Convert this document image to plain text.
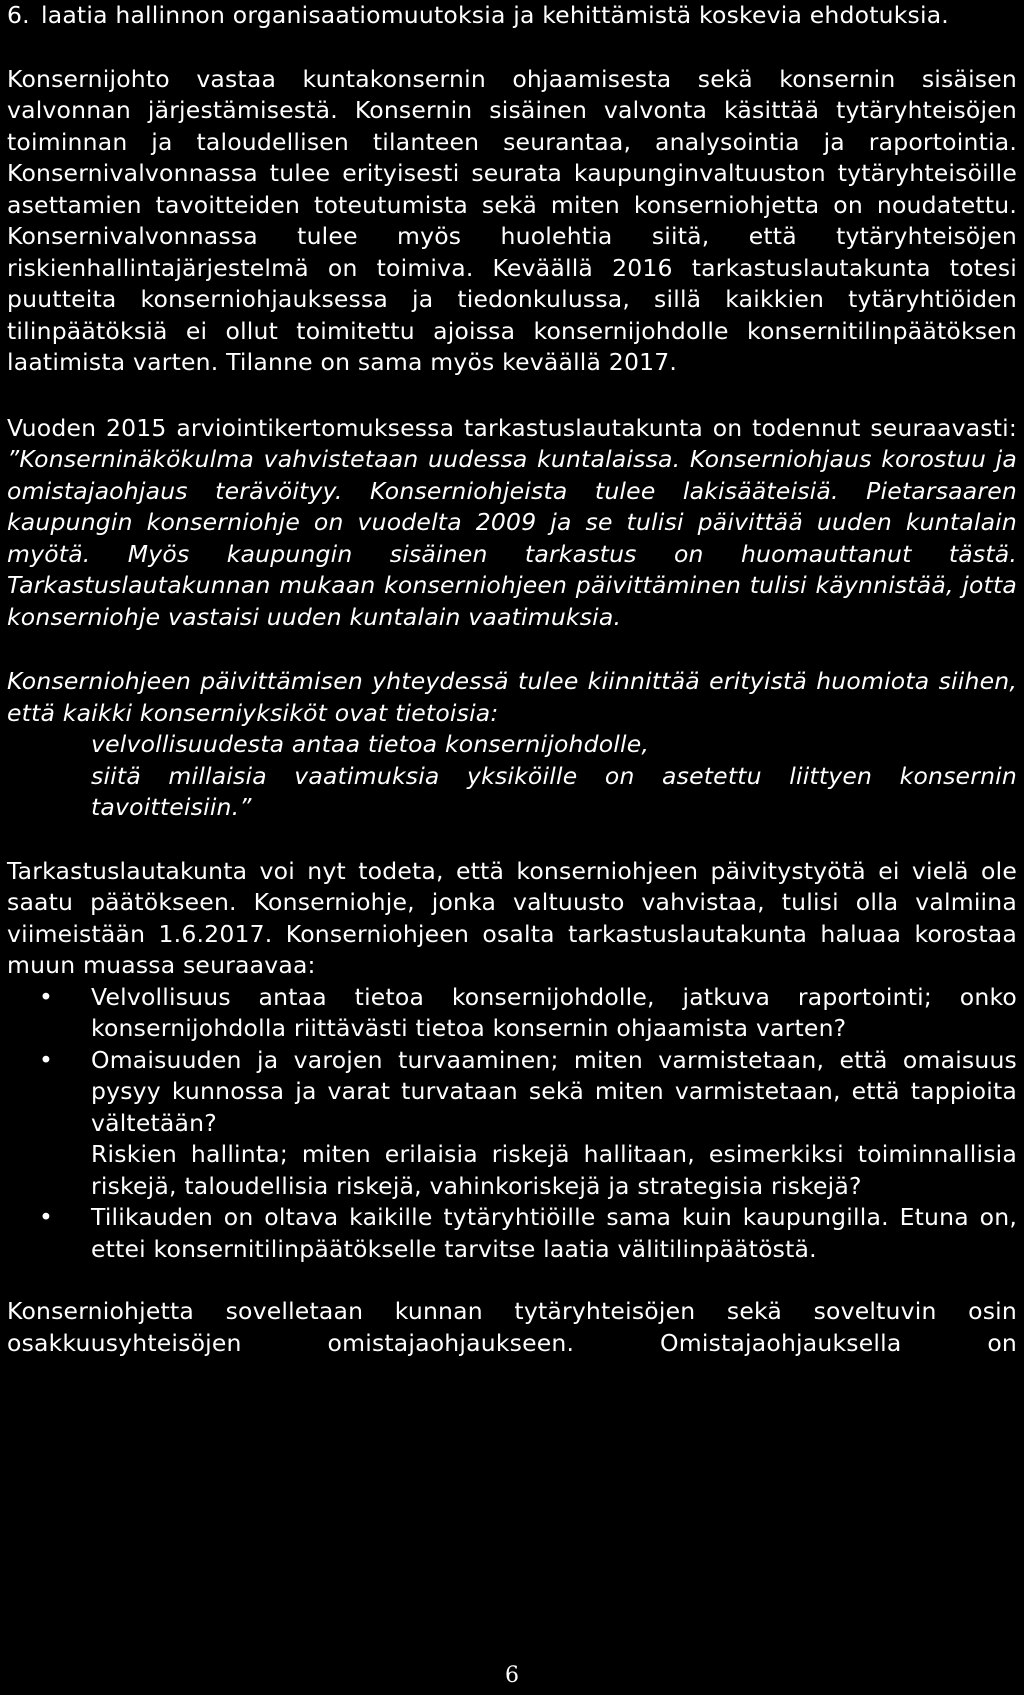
6. laatia hallinnon organisaatiomuutoksia ja kehittämistä koskevia ehdotuksia.

Konsernijohto vastaa kuntakonsernin ohjaamisesta sekä konsernin sisäisen valvonnan järjestämisestä. Konsernin sisäinen valvonta käsittää tytäryhteisöjen toiminnan ja taloudellisen tilanteen seurantaa, analysointia ja raportointia. Konsernivalvonnassa tulee erityisesti seurata kaupunginvaltuuston tytäryhteisöille asettamien tavoitteiden toteutumista sekä miten konserniohjetta on noudatettu. Konsernivalvonnassa tulee myös huolehtia siitä, että tytäryhteisöjen riskienhallintajärjestelmä on toimiva. Keväällä 2016 tarkastuslautakunta totesi puutteita konserniohjauksessa ja tiedonkulussa, sillä kaikkien tytäryhtiöiden tilinpäätöksiä ei ollut toimitettu ajoissa konsernijohdolle konsernitilinpäätöksen laatimista varten. Tilanne on sama myös keväällä 2017.

Vuoden 2015 arviointikertomuksessa tarkastuslautakunta on todennut seuraavasti: ”Konserninäkökulma vahvistetaan uudessa kuntalaissa. Konserniohjaus korostuu ja omistajaohjaus terävöityy. Konserniohjeista tulee lakisääteisiä. Pietarsaaren kaupungin konserniohje on vuodelta 2009 ja se tulisi päivittää uuden kuntalain myötä. Myös kaupungin sisäinen tarkastus on huomauttanut tästä. Tarkastuslautakunnan mukaan konserniohjeen päivittäminen tulisi käynnistää, jotta konserniohje vastaisi uuden kuntalain vaatimuksia.

Konserniohjeen päivittämisen yhteydessä tulee kiinnittää erityistä huomiota siihen, että kaikki konserniyksiköt ovat tietoisia:

velvollisuudesta antaa tietoa konsernijohdolle,

siitä millaisia vaatimuksia yksiköille on asetettu liittyen konsernin tavoitteisiin.”

Tarkastuslautakunta voi nyt todeta, että konserniohjeen päivitystyötä ei vielä ole saatu päätökseen. Konserniohje, jonka valtuusto vahvistaa, tulisi olla valmiina viimeistään 1.6.2017. Konserniohjeen osalta tarkastuslautakunta haluaa korostaa muun muassa seuraavaa:

•	Velvollisuus antaa tietoa konsernijohdolle, jatkuva raportointi; onko konsernijohdolla riittävästi tietoa konsernin ohjaamista varten?
•	Omaisuuden ja varojen turvaaminen; miten varmistetaan, että omaisuus pysyy kunnossa ja varat turvataan sekä miten varmistetaan, että tappioita vältetään?

Riskien hallinta; miten erilaisia riskejä hallitaan, esimerkiksi toiminnallisia riskejä, taloudellisia riskejä, vahinkoriskejä ja strategisia riskejä?

•	Tilikauden on oltava kaikille tytäryhtiöille sama kuin kaupungilla. Etuna on, ettei konsernitilinpäätökselle tarvitse laatia välitilinpäätöstä.

Konserniohjetta sovelletaan kunnan tytäryhteisöjen sekä soveltuvin osin osakkuusyhteisöjen omistajaohjaukseen. Omistajaohjauksella on

6
